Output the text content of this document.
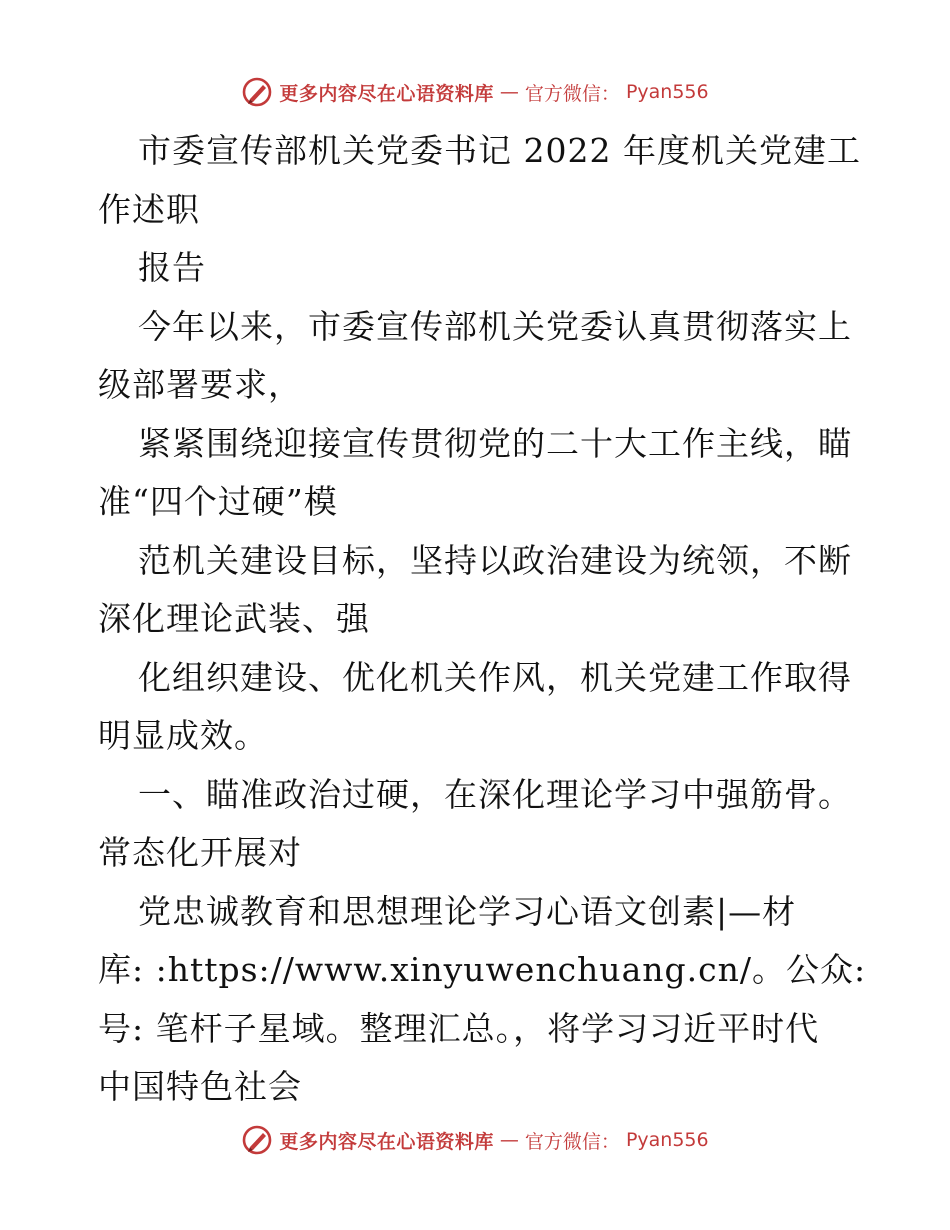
更多内容尽在心语资料库 — 官方微信： Pyan556
市委宣传部机关党委书记 2022 年度机关党建工
作述职
报告
今年以来，市委宣传部机关党委认真贯彻落实上
级部署要求，
紧紧围绕迎接宣传贯彻党的二十大工作主线，瞄
准“四个过硬”模
范机关建设目标，坚持以政治建设为统领，不断
深化理论武装、强
化组织建设、优化机关作风，机关党建工作取得
明显成效。
一、瞄准政治过硬，在深化理论学习中强筋骨。
常态化开展对
党忠诚教育和思想理论学习心语文创素|—材
库: :https://www.xinyuwenchuang.cn/。公众:
号: 笔杆子星域。整理汇总。，将学习习近平时代
中国特色社会
更多内容尽在心语资料库 — 官方微信： Pyan556
